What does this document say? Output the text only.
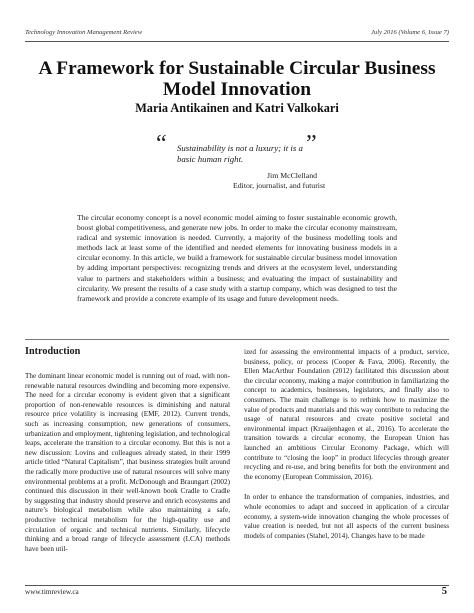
Technology Innovation Management Review	July 2016 (Volume 6, Issue 7)
A Framework for Sustainable Circular Business Model Innovation
Maria Antikainen and Katri Valkokari
“ Sustainability is not a luxury; it is a basic human right.
”
Jim McClelland
Editor, journalist, and futurist

The circular economy concept is a novel economic model aiming to foster sustainable economic growth, boost global competitiveness, and generate new jobs. In order to make the circular economy mainstream, radical and systemic innovation is needed. Currently, a majority of the business modelling tools and methods lack at least some of the identified and needed elements for innovating business models in a circular economy. In this article, we build a framework for sustainable circular business model innovation by adding important perspectives: recognizing trends and drivers at the ecosystem level, understanding value to partners and stakeholders within a business; and evaluating the impact of sustainability and circularity. We present the results of a case study with a startup company, which was designed to test the framework and provide a concrete example of its usage and future development needs.

Introduction

The dominant linear economic model is running out of road, with non-renewable natural resources dwindling and becoming more expensive. The need for a circular economy is evident given that a significant proportion of non-renewable resources is diminishing and natural resource price volatility is increasing (EMF, 2012). Current trends, such as increasing consumption, new generations of consumers, urbanization and employment, tightening legislation, and technological leaps, accelerate the transition to a circular economy. But this is not a new discussion: Lovins and colleagues already stated, in their 1999 article titled “Natural Capitalism”, that business strategies built around the radically more productive use of natural resources will solve many environmental problems at a profit. McDonough and Braungart (2002) continued this discussion in their well-known book Cradle to Cradle by suggesting that industry should preserve and enrich ecosystems and nature’s biological metabolism while also maintaining a safe, productive technical metabolism for the high-quality use and circulation of organic and technical nutrients. Similarly, lifecycle thinking and a broad range of lifecycle assessment (LCA) methods have been util-

ized for assessing the environmental impacts of a product, service, business, policy, or process (Cooper & Fava, 2006). Recently, the Ellen MacArthur Foundation (2012) facilitated this discussion about the circular economy, making a major contribution in familiarizing the concept to academics, businesses, legislators, and finally also to consumers. The main challenge is to rethink how to maximize the value of products and materials and this way contribute to reducing the usage of natural resources and create positive societal and environmental impact (Kraaijenhagen et al., 2016). To accelerate the transition towards a circular economy, the European Union has launched an ambitious Circular Economy Package, which will contribute to “closing the loop” in product lifecycles through greater recycling and re-use, and bring benefits for both the environment and the economy (European Commission, 2016).

In order to enhance the transformation of companies, industries, and whole economies to adapt and succeed in application of a circular economy, a system-wide innovation changing the whole processes of value creation is needed, but not all aspects of the current business models of companies (Stahel, 2014). Changes have to be made

www.timreview.ca	5
